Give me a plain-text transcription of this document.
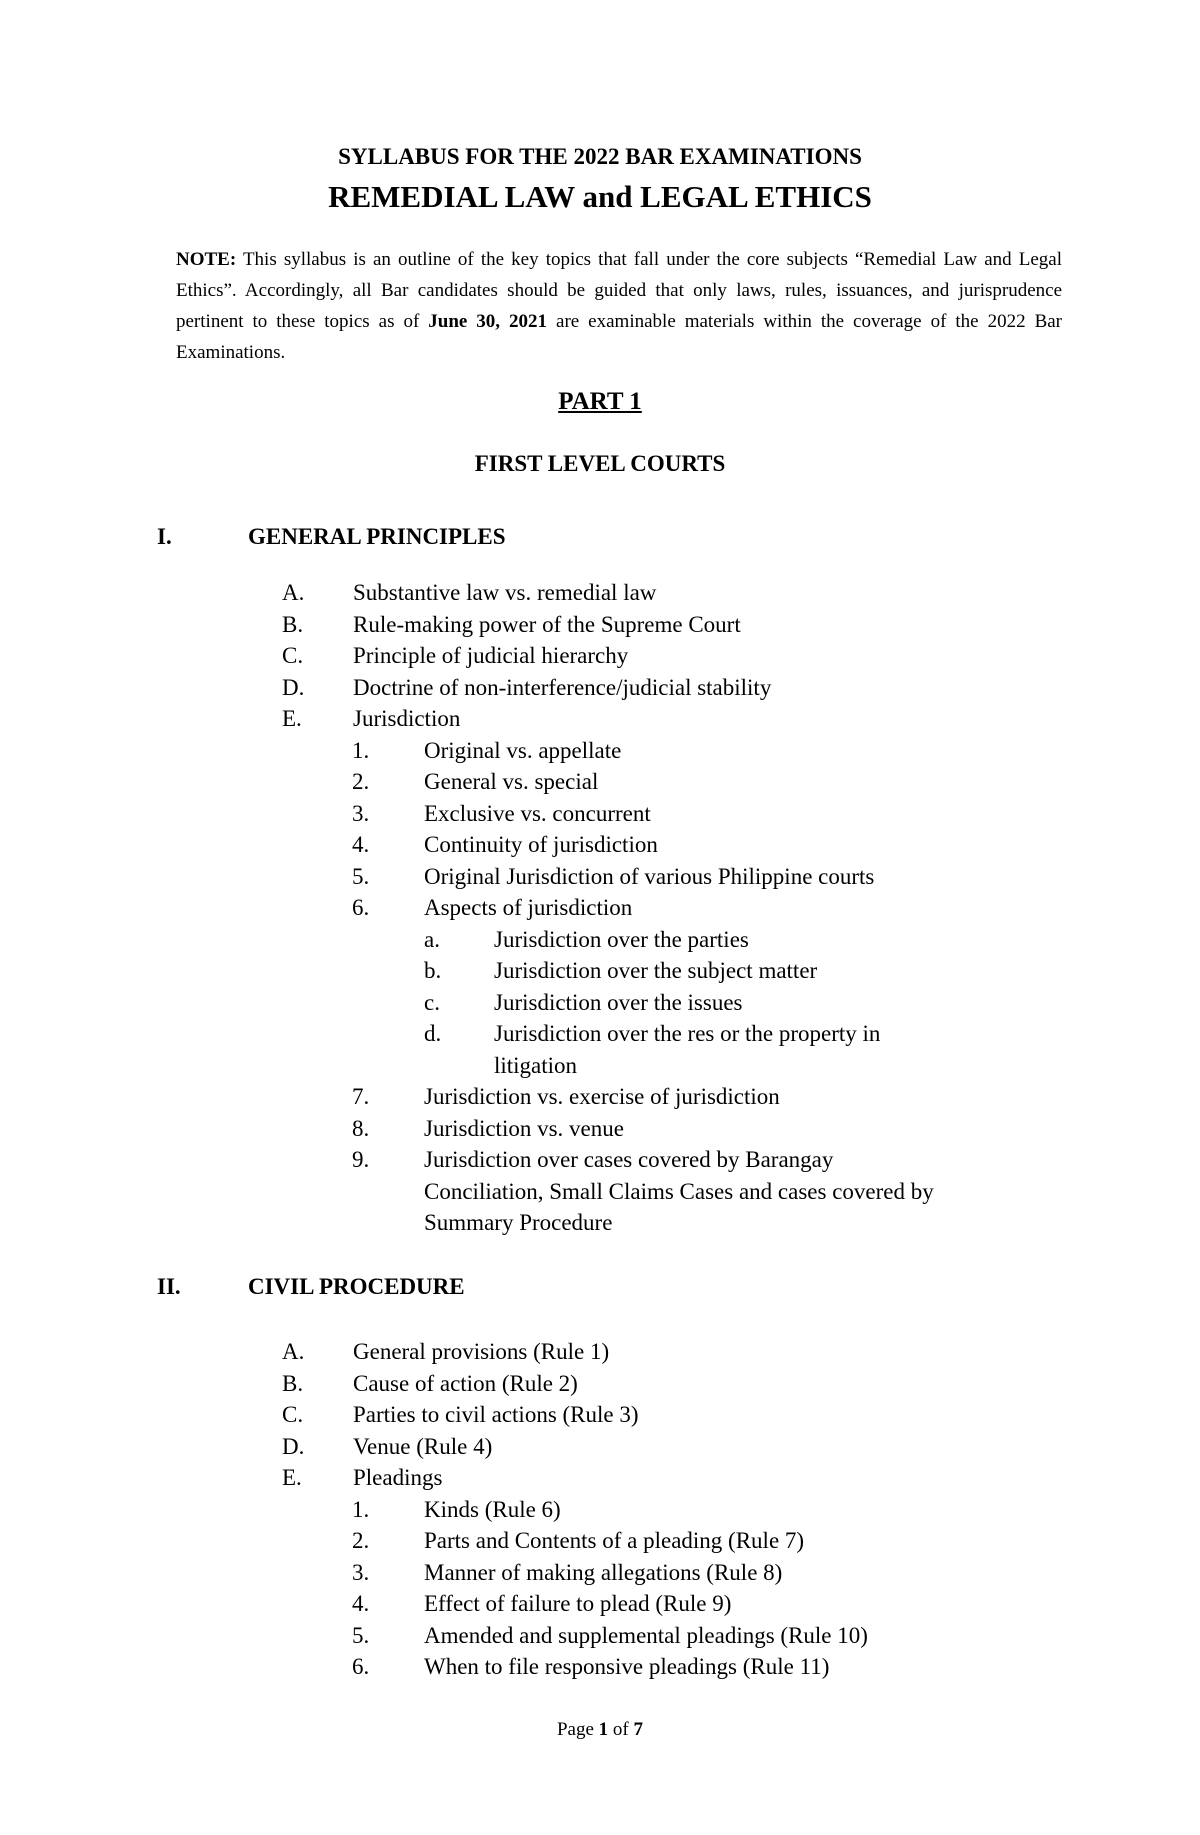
SYLLABUS FOR THE 2022 BAR EXAMINATIONS
REMEDIAL LAW and LEGAL ETHICS
NOTE: This syllabus is an outline of the key topics that fall under the core subjects “Remedial Law and Legal Ethics”. Accordingly, all Bar candidates should be guided that only laws, rules, issuances, and jurisprudence pertinent to these topics as of June 30, 2021 are examinable materials within the coverage of the 2022 Bar Examinations.
PART 1
FIRST LEVEL COURTS
I.	GENERAL PRINCIPLES
A. Substantive law vs. remedial law
B. Rule-making power of the Supreme Court
C. Principle of judicial hierarchy
D. Doctrine of non-interference/judicial stability
E. Jurisdiction
1. Original vs. appellate
2. General vs. special
3. Exclusive vs. concurrent
4. Continuity of jurisdiction
5. Original Jurisdiction of various Philippine courts
6. Aspects of jurisdiction
a. Jurisdiction over the parties
b. Jurisdiction over the subject matter
c. Jurisdiction over the issues
d. Jurisdiction over the res or the property in
litigation
7. Jurisdiction vs. exercise of jurisdiction
8. Jurisdiction vs. venue
9. Jurisdiction over cases covered by Barangay
Conciliation, Small Claims Cases and cases covered by
Summary Procedure
II.	CIVIL PROCEDURE
A. General provisions (Rule 1)
B. Cause of action (Rule 2)
C. Parties to civil actions (Rule 3)
D. Venue (Rule 4)
E. Pleadings
1. Kinds (Rule 6)
2. Parts and Contents of a pleading (Rule 7)
3. Manner of making allegations (Rule 8)
4. Effect of failure to plead (Rule 9)
5. Amended and supplemental pleadings (Rule 10)
6. When to file responsive pleadings (Rule 11)
Page 1 of 7
